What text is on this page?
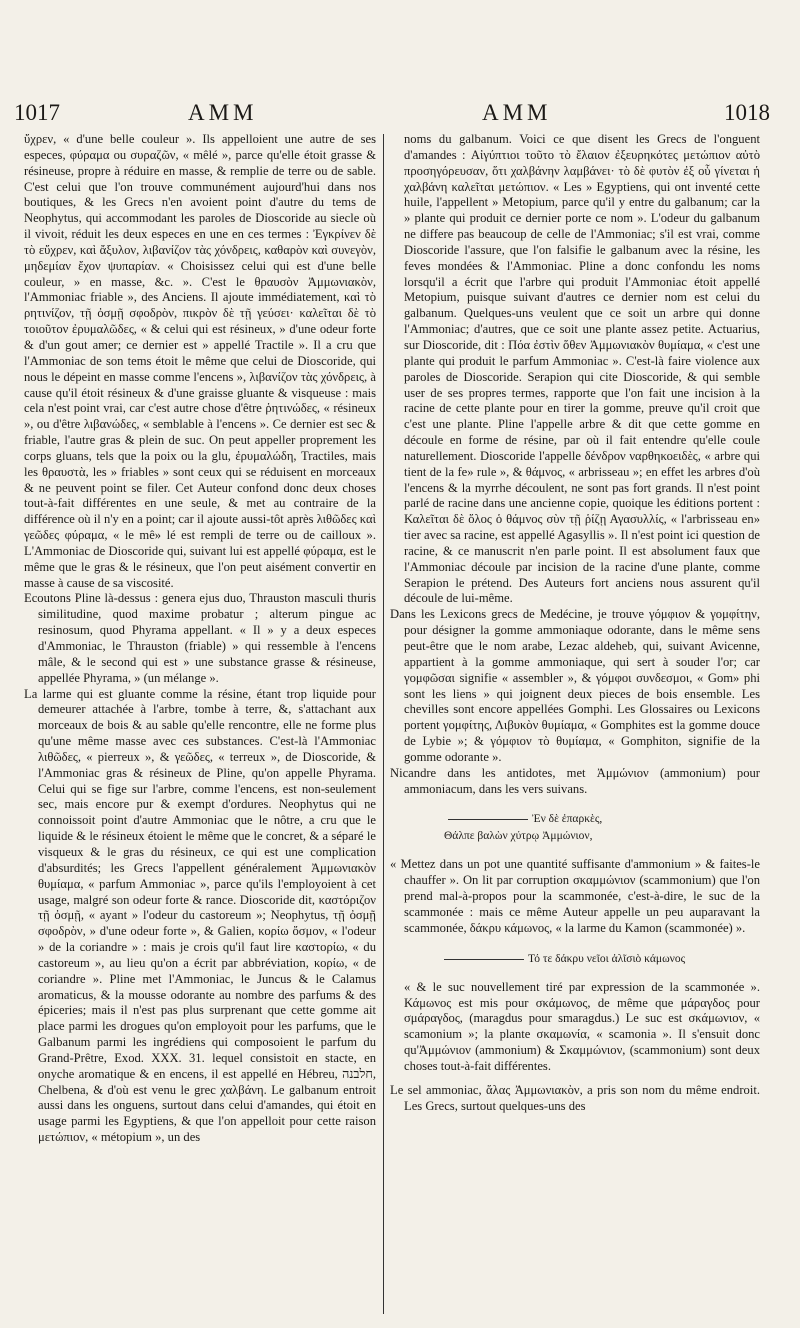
1017	AMM	AMM	1018

ὔχρεν, « d'une belle couleur ». Ils appelloient une autre de ses especes, φύραμα ou συραζῶν, « mêlé », parce qu'elle étoit grasse & résineuse, propre à réduire en masse, & remplie de terre ou de sable. C'est celui que l'on trouve communément aujourd'hui dans nos boutiques, & les Grecs n'en avoient point d'autre du tems de Neophytus, qui accommodant les paroles de Dioscoride au siecle où il vivoit, réduit les deux especes en une en ces termes : Ἐγκρίνεν δὲ τὸ εὔχρεν, καὶ ἄξυλον, λιβανίζον τὰς χόνδρεις, καθαρὸν καὶ συνεγὸν, μηδεμίαν ἔχον ψυπαρίαν. « Choisissez celui qui est d'une belle couleur, » en masse, &c. ». C'est le θραυσὸν Ἀμμωνιακὸν, l'Ammoniac friable », des Anciens. Il ajoute immédiatement, καὶ τὸ ρητινίζον, τῇ ὀσμῇ σφοδρὸν, πικρὸν δὲ τῇ γεύσει· καλεῖται δὲ τὸ τοιοῦτον ἐρυμαλῶδες, « & celui qui est résineux, » d'une odeur forte & d'un gout amer; ce dernier est » appellé Tractile ». Il a cru que l'Ammoniac de son tems étoit le même que celui de Dioscoride, qui nous le dépeint en masse comme l'encens », λιβανίζον τὰς χόνδρεις, à cause qu'il étoit résineux & d'une graisse gluante & visqueuse : mais cela n'est point vrai, car c'est autre chose d'être ῥητινώδες, « résineux », ou d'être λιβανώδες, « semblable à l'encens ». Ce dernier est sec & friable, l'autre gras & plein de suc. On peut appeller proprement les corps gluans, tels que la poix ou la glu, ἐρυμαλώδη, Tractiles, mais les θραυστὰ, les » friables » sont ceux qui se réduisent en morceaux & ne peuvent point se filer. Cet Auteur confond donc deux choses tout-à-fait différentes en une seule, & met au contraire de la différence où il n'y en a point; car il ajoute aussi-tôt après λιθῶδες καὶ γεῶδες φύραμα, « le mê» lé est rempli de terre ou de cailloux ». L'Ammoniac de Dioscoride qui, suivant lui est appellé φύραμα, est le même que le gras & le résineux, que l'on peut aisément convertir en masse à cause de sa viscosité.

Ecoutons Pline là-dessus : genera ejus duo, Thrauston masculi thuris similitudine, quod maxime probatur ; alterum pingue ac resinosum, quod Phyrama appellant. « Il » y a deux especes d'Ammoniac, le Thrauston (friable) » qui ressemble à l'encens mâle, & le second qui est » une substance grasse & résineuse, appellée Phyrama, » (un mélange ».

La larme qui est gluante comme la résine, étant trop liquide pour demeurer attachée à l'arbre, tombe à terre, &, s'attachant aux morceaux de bois & au sable qu'elle rencontre, elle ne forme plus qu'une même masse avec ces substances. C'est-là l'Ammoniac λιθῶδες, « pierreux », & γεῶδες, « terreux », de Dioscoride, & l'Ammoniac gras & résineux de Pline, qu'on appelle Phyrama. Celui qui se fige sur l'arbre, comme l'encens, est non-seulement sec, mais encore pur & exempt d'ordures. Neophytus qui ne connoissoit point d'autre Ammoniac que le nôtre, a cru que le liquide & le résineux étoient le même que le concret, & a séparé le visqueux & le gras du résineux, ce qui est une complication d'absurdités; les Grecs l'appellent généralement Ἀμμωνιακὸν θυμίαμα, « parfum Ammoniac », parce qu'ils l'employoient à cet usage, malgré son odeur forte & rance. Dioscoride dit, καστόριζον τῇ ὀσμῇ, « ayant » l'odeur du castoreum »; Neophytus, τῇ ὀσμῇ σφοδρὸν, » d'une odeur forte », & Galien, κορίω ὄσμον, « l'odeur » de la coriandre » : mais je crois qu'il faut lire καστορίω, « du castoreum », au lieu qu'on a écrit par abbréviation, κορίω, « de coriandre ». Pline met l'Ammoniac, le Juncus & le Calamus aromaticus, & la mousse odorante au nombre des parfums & des épiceries; mais il n'est pas plus surprenant que cette gomme ait place parmi les drogues qu'on employoit pour les parfums, que le Galbanum parmi les ingrédiens qui composoient le parfum du Grand-Prêtre, Exod. XXX. 31. lequel consistoit en stacte, en onyche aromatique & en encens, il est appellé en Hébreu, חלבנה, Chelbena, & d'où est venu le grec χαλβάνη. Le galbanum entroit aussi dans les onguens, surtout dans celui d'amandes, qui étoit en usage parmi les Egyptiens, & que l'on appelloit pour cette raison μετώπιον, « métopium », un des

noms du galbanum. Voici ce que disent les Grecs de l'onguent d'amandes : Αἰγύπτιοι τοῦτο τὸ ἔλαιον ἐξευρηκότες μετώπιον αὐτὸ προσηγόρευσαν, ὅτι χαλβάνην λαμβάνει· τὸ δὲ φυτὸν ἐξ οὗ γίνεται ἡ χαλβάνη καλεῖται μετώπιον. « Les » Egyptiens, qui ont inventé cette huile, l'appellent » Metopium, parce qu'il y entre du galbanum; car la » plante qui produit ce dernier porte ce nom ». L'odeur du galbanum ne differe pas beaucoup de celle de l'Ammoniac; s'il est vrai, comme Dioscoride l'assure, que l'on falsifie le galbanum avec la résine, les feves mondées & l'Ammoniac. Pline a donc confondu les noms lorsqu'il a écrit que l'arbre qui produit l'Ammoniac étoit appellé Metopium, puisque suivant d'autres ce dernier nom est celui du galbanum. Quelques-uns veulent que ce soit un arbre qui donne l'Ammoniac; d'autres, que ce soit une plante assez petite. Actuarius, sur Dioscoride, dit : Πόα ἐστὶν ὅθεν Ἀμμωνιακὸν θυμίαμα, « c'est une plante qui produit le parfum Ammoniac ». C'est-là faire violence aux paroles de Dioscoride. Serapion qui cite Dioscoride, & qui semble user de ses propres termes, rapporte que l'on fait une incision à la racine de cette plante pour en tirer la gomme, preuve qu'il croit que c'est une plante. Pline l'appelle arbre & dit que cette gomme en découle en forme de résine, par où il fait entendre qu'elle coule naturellement. Dioscoride l'appelle δένδρον ναρθηκοειδὲς, « arbre qui tient de la fe» rule », & θάμνος, « arbrisseau »; en effet les arbres d'où l'encens & la myrrhe découlent, ne sont pas fort grands. Il n'est point parlé de racine dans une ancienne copie, quoique les éditions portent : Καλεῖται δὲ ὅλος ὁ θάμνος σὺν τῇ ῥίζῃ Αγασυλλίς, « l'arbrisseau en» tier avec sa racine, est appellé Agasyllis ». Il n'est point ici question de racine, & ce manuscrit n'en parle point. Il est absolument faux que l'Ammoniac découle par incision de la racine d'une plante, comme Serapion le prétend. Des Auteurs fort anciens nous assurent qu'il découle de lui-même.

Dans les Lexicons grecs de Medécine, je trouve γόμφιον & γομφίτην, pour désigner la gomme ammoniaque odorante, dans le même sens peut-être que le nom arabe, Lezac aldeheb, qui, suivant Avicenne, appartient à la gomme ammoniaque, qui sert à souder l'or; car γομφῶσαι signifie « assembler », & γόμφοι συνδεσμοι, « Gom» phi sont les liens » qui joignent deux pieces de bois ensemble. Les chevilles sont encore appellées Gomphi. Les Glossaires ou Lexicons portent γομφίτης, Λιβυκὸν θυμίαμα, « Gomphites est la gomme douce de Lybie »; & γόμφιον τὸ θυμίαμα, « Gomphiton, signifie de la gomme odorante ».

Nicandre dans les antidotes, met Ἀμμώνιον (ammonium) pour ammoniacum, dans les vers suivans.

Ἐν δὲ ἐπαρκὲς,
Θάλπε βαλὼν χύτρῳ Ἀμμώνιον,

« Mettez dans un pot une quantité suffisante d'ammonium » & faites-le chauffer ». On lit par corruption σκαμμώνιον (scammonium) que l'on prend mal-à-propos pour la scammonée, c'est-à-dire, le suc de la scammonée : mais ce même Auteur appelle un peu auparavant la scammonée, δάκρυ κάμωνος, « la larme du Kamon (scammonée) ».

Τό τε δάκρυ νεῖοι ἀλῖσιὸ κάμωνος

« & le suc nouvellement tiré par expression de la scammonée ». Κάμωνος est mis pour σκάμωνος, de même que μάραγδος pour σμάραγδος, (maragdus pour smaragdus.) Le suc est σκάμωνιον, « scamonium »; la plante σκαμωνία, « scamonia ». Il s'ensuit donc qu'Ἀμμώνιον (ammonium) & Σκαμμώνιον, (scammonium) sont deux choses tout-à-fait différentes.

Le sel ammoniac, ἅλας Ἀμμωνιακὸν, a pris son nom du même endroit. Les Grecs, surtout quelques-uns des
